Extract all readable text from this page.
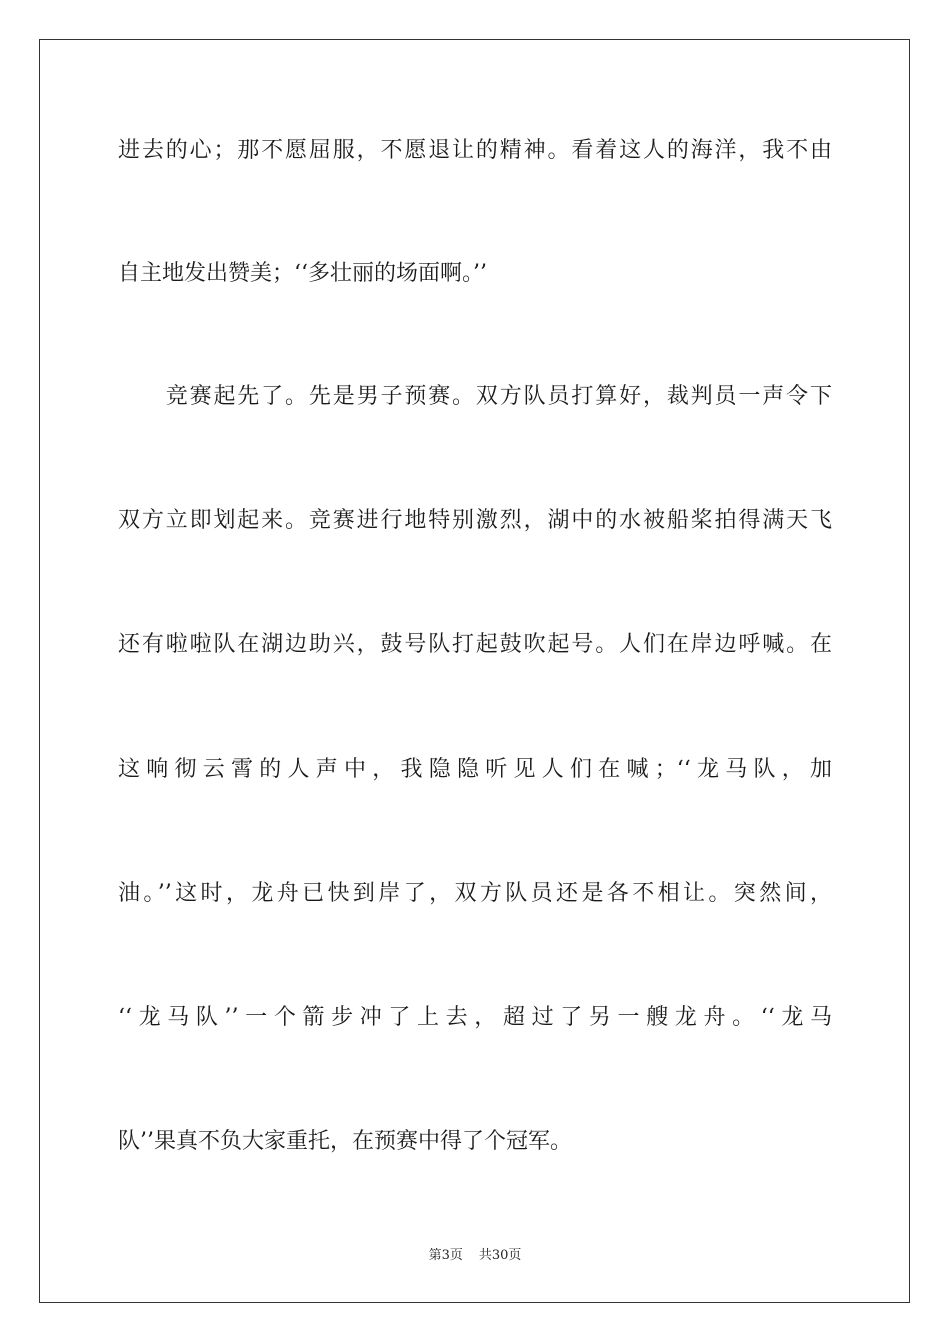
进去的心；那不愿屈服，不愿退让的精神。看着这人的海洋，我不由
自主地发出赞美；‘‘多壮丽的场面啊。’’
　　竞赛起先了。先是男子预赛。双方队员打算好，裁判员一声令下
双方立即划起来。竞赛进行地特别激烈，湖中的水被船桨拍得满天飞
还有啦啦队在湖边助兴，鼓号队打起鼓吹起号。人们在岸边呼喊。在
这响彻云霄的人声中，我隐隐听见人们在喊；‘‘龙马队，加
油。’’这时，龙舟已快到岸了，双方队员还是各不相让。突然间，
‘‘龙马队’’一个箭步冲了上去，超过了另一艘龙舟。‘‘龙马
队’’果真不负大家重托，在预赛中得了个冠军。
第3页 共30页
